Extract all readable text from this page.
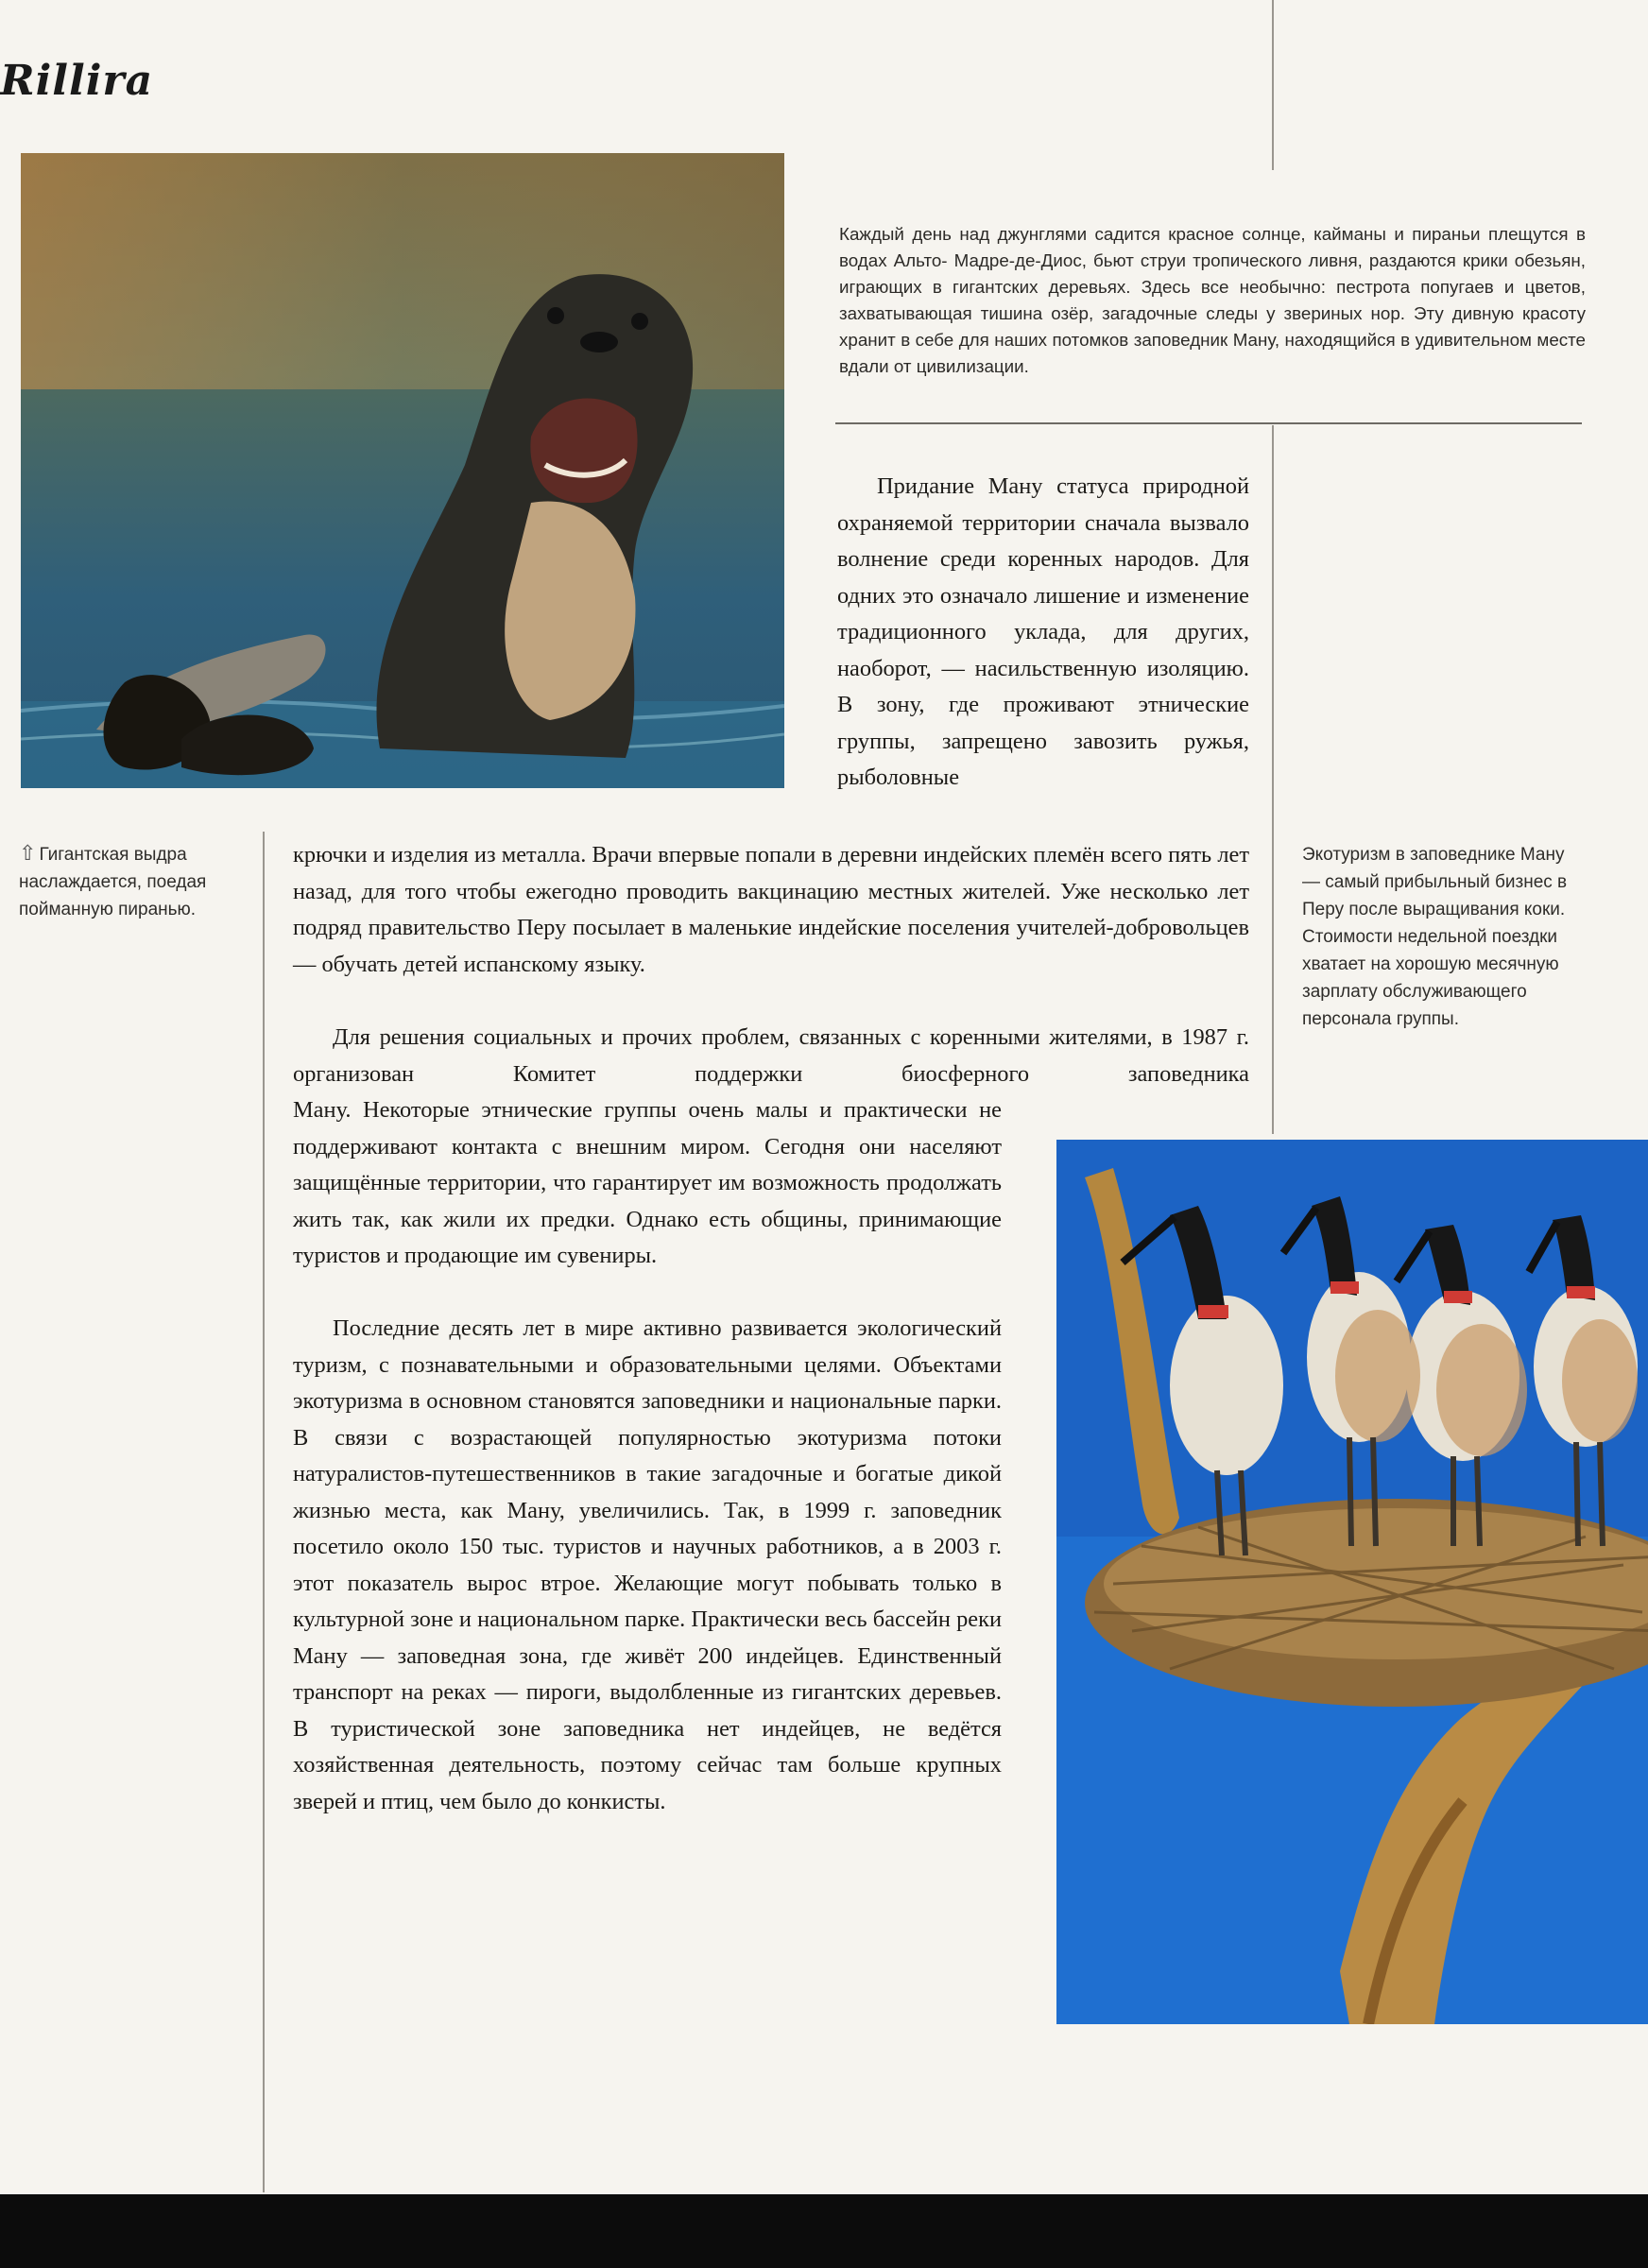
Rillira
Каждый день над джунглями садится красное солнце, кайманы и пираньи плещутся в водах Альто- Мадре-де-Диос, бьют струи тропического ливня, раздаются крики обезьян, играющих в гигантских деревьях. Здесь все необычно: пестрота попугаев и цветов, захватывающая тишина озёр, загадочные следы у звериных нор. Эту дивную красоту хранит в себе для наших потомков заповедник Ману, находящийся в удивительном месте вдали от цивилизации.
⇧ Гигантская выдра наслаждается, поедая пойманную пиранью.
Экотуризм в заповеднике Ману — самый прибыльный бизнес в Перу после выращивания коки. Стоимости недельной поездки хватает на хорошую месячную зарплату обслуживающего персонала группы.
Придание Ману статуса природной охраняемой территории сначала вызвало волнение среди коренных народов. Для одних это означало лишение и изменение традиционного уклада, для других, наоборот, — насильственную изоляцию. В зону, где проживают этнические группы, запрещено завозить ружья, рыболовные
крючки и изделия из металла. Врачи впервые попали в деревни индейских племён всего пять лет назад, для того чтобы ежегодно проводить вакцинацию местных жителей. Уже несколько лет подряд правительство Перу посылает в маленькие индейские поселения учителей-добровольцев — обучать детей испанскому языку.
Для решения социальных и прочих проблем, связанных с коренными жителями, в 1987 г. организован Комитет поддержки биосферного заповедника
Ману. Некоторые этнические группы очень малы и практически не поддерживают контакта с внешним миром. Сегодня они населяют защищённые территории, что гарантирует им возможность продолжать жить так, как жили их предки. Однако есть общины, принимающие туристов и продающие им сувениры.
Последние десять лет в мире активно развивается экологический туризм, с познавательными и образовательными целями. Объектами экотуризма в основном становятся заповедники и национальные парки. В связи с возрастающей популярностью экотуризма потоки натуралистов-путешественников в такие загадочные и богатые дикой жизнью места, как Ману, увеличились. Так, в 1999 г. заповедник посетило около 150 тыс. туристов и научных работников, а в 2003 г. этот показатель вырос втрое. Желающие могут побывать только в культурной зоне и национальном парке. Практически весь бассейн реки Ману — заповедная зона, где живёт 200 индейцев. Единственный транспорт на реках — пироги, выдолбленные из гигантских деревьев. В туристической зоне заповедника нет индейцев, не ведётся хозяйственная деятельность, поэтому сейчас там больше крупных зверей и птиц, чем было до конкисты.
